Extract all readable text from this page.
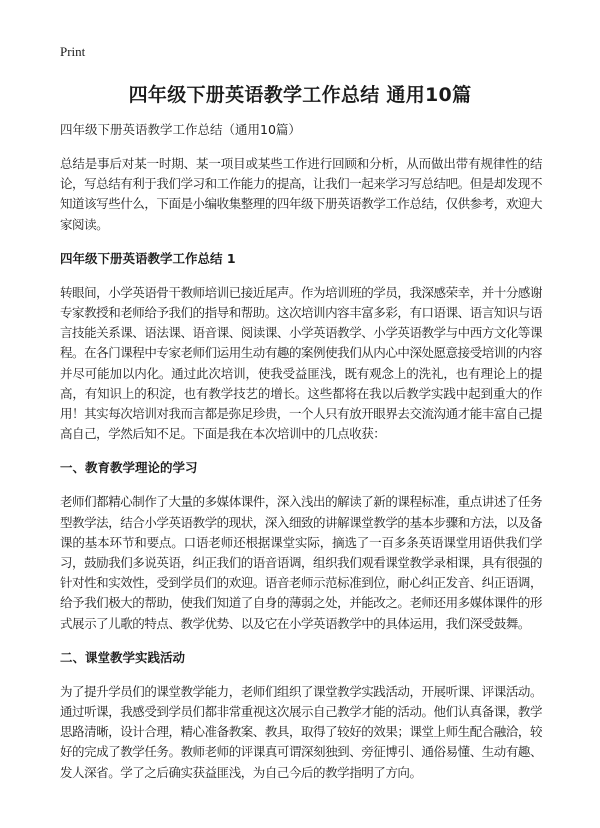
Print
四年级下册英语教学工作总结 通用10篇

四年级下册英语教学工作总结（通用10篇）

总结是事后对某一时期、某一项目或某些工作进行回顾和分析，从而做出带有规律性的结论，写总结有利于我们学习和工作能力的提高，让我们一起来学习写总结吧。但是却发现不知道该写些什么，下面是小编收集整理的四年级下册英语教学工作总结，仅供参考，欢迎大家阅读。

四年级下册英语教学工作总结 1

转眼间，小学英语骨干教师培训已接近尾声。作为培训班的学员，我深感荣幸，并十分感谢专家教授和老师给予我们的指导和帮助。这次培训内容丰富多彩，有口语课、语言知识与语言技能关系课、语法课、语音课、阅读课、小学英语教学、小学英语教学与中西方文化等课程。在各门课程中专家老师们运用生动有趣的案例使我们从内心中深处愿意接受培训的内容并尽可能加以内化。通过此次培训，使我受益匪浅，既有观念上的洗礼，也有理论上的提高，有知识上的积淀，也有教学技艺的增长。这些都将在我以后教学实践中起到重大的作用！其实每次培训对我而言都是弥足珍贵，一个人只有放开眼界去交流沟通才能丰富自己提高自己，学然后知不足。下面是我在本次培训中的几点收获：

一、教育教学理论的学习

老师们都精心制作了大量的多媒体课件，深入浅出的解读了新的课程标准，重点讲述了任务型教学法，结合小学英语教学的现状，深入细致的讲解课堂教学的基本步骤和方法，以及备课的基本环节和要点。口语老师还根据课堂实际，摘选了一百多条英语课堂用语供我们学习，鼓励我们多说英语，纠正我们的语音语调，组织我们观看课堂教学录相课，具有很强的针对性和实效性，受到学员们的欢迎。语音老师示范标准到位，耐心纠正发音、纠正语调，给予我们极大的帮助，使我们知道了自身的薄弱之处，并能改之。老师还用多媒体课件的形式展示了儿歌的特点、教学优势、以及它在小学英语教学中的具体运用，我们深受鼓舞。

二、课堂教学实践活动

为了提升学员们的课堂教学能力，老师们组织了课堂教学实践活动，开展听课、评课活动。通过听课，我感受到学员们都非常重视这次展示自己教学才能的活动。他们认真备课，教学思路清晰，设计合理，精心准备教案、教具，取得了较好的效果；课堂上师生配合融洽，较好的完成了教学任务。教师老师的评课真可谓深刻独到、旁征博引、通俗易懂、生动有趣、发人深省。学了之后确实获益匪浅，为自己今后的教学指明了方向。
